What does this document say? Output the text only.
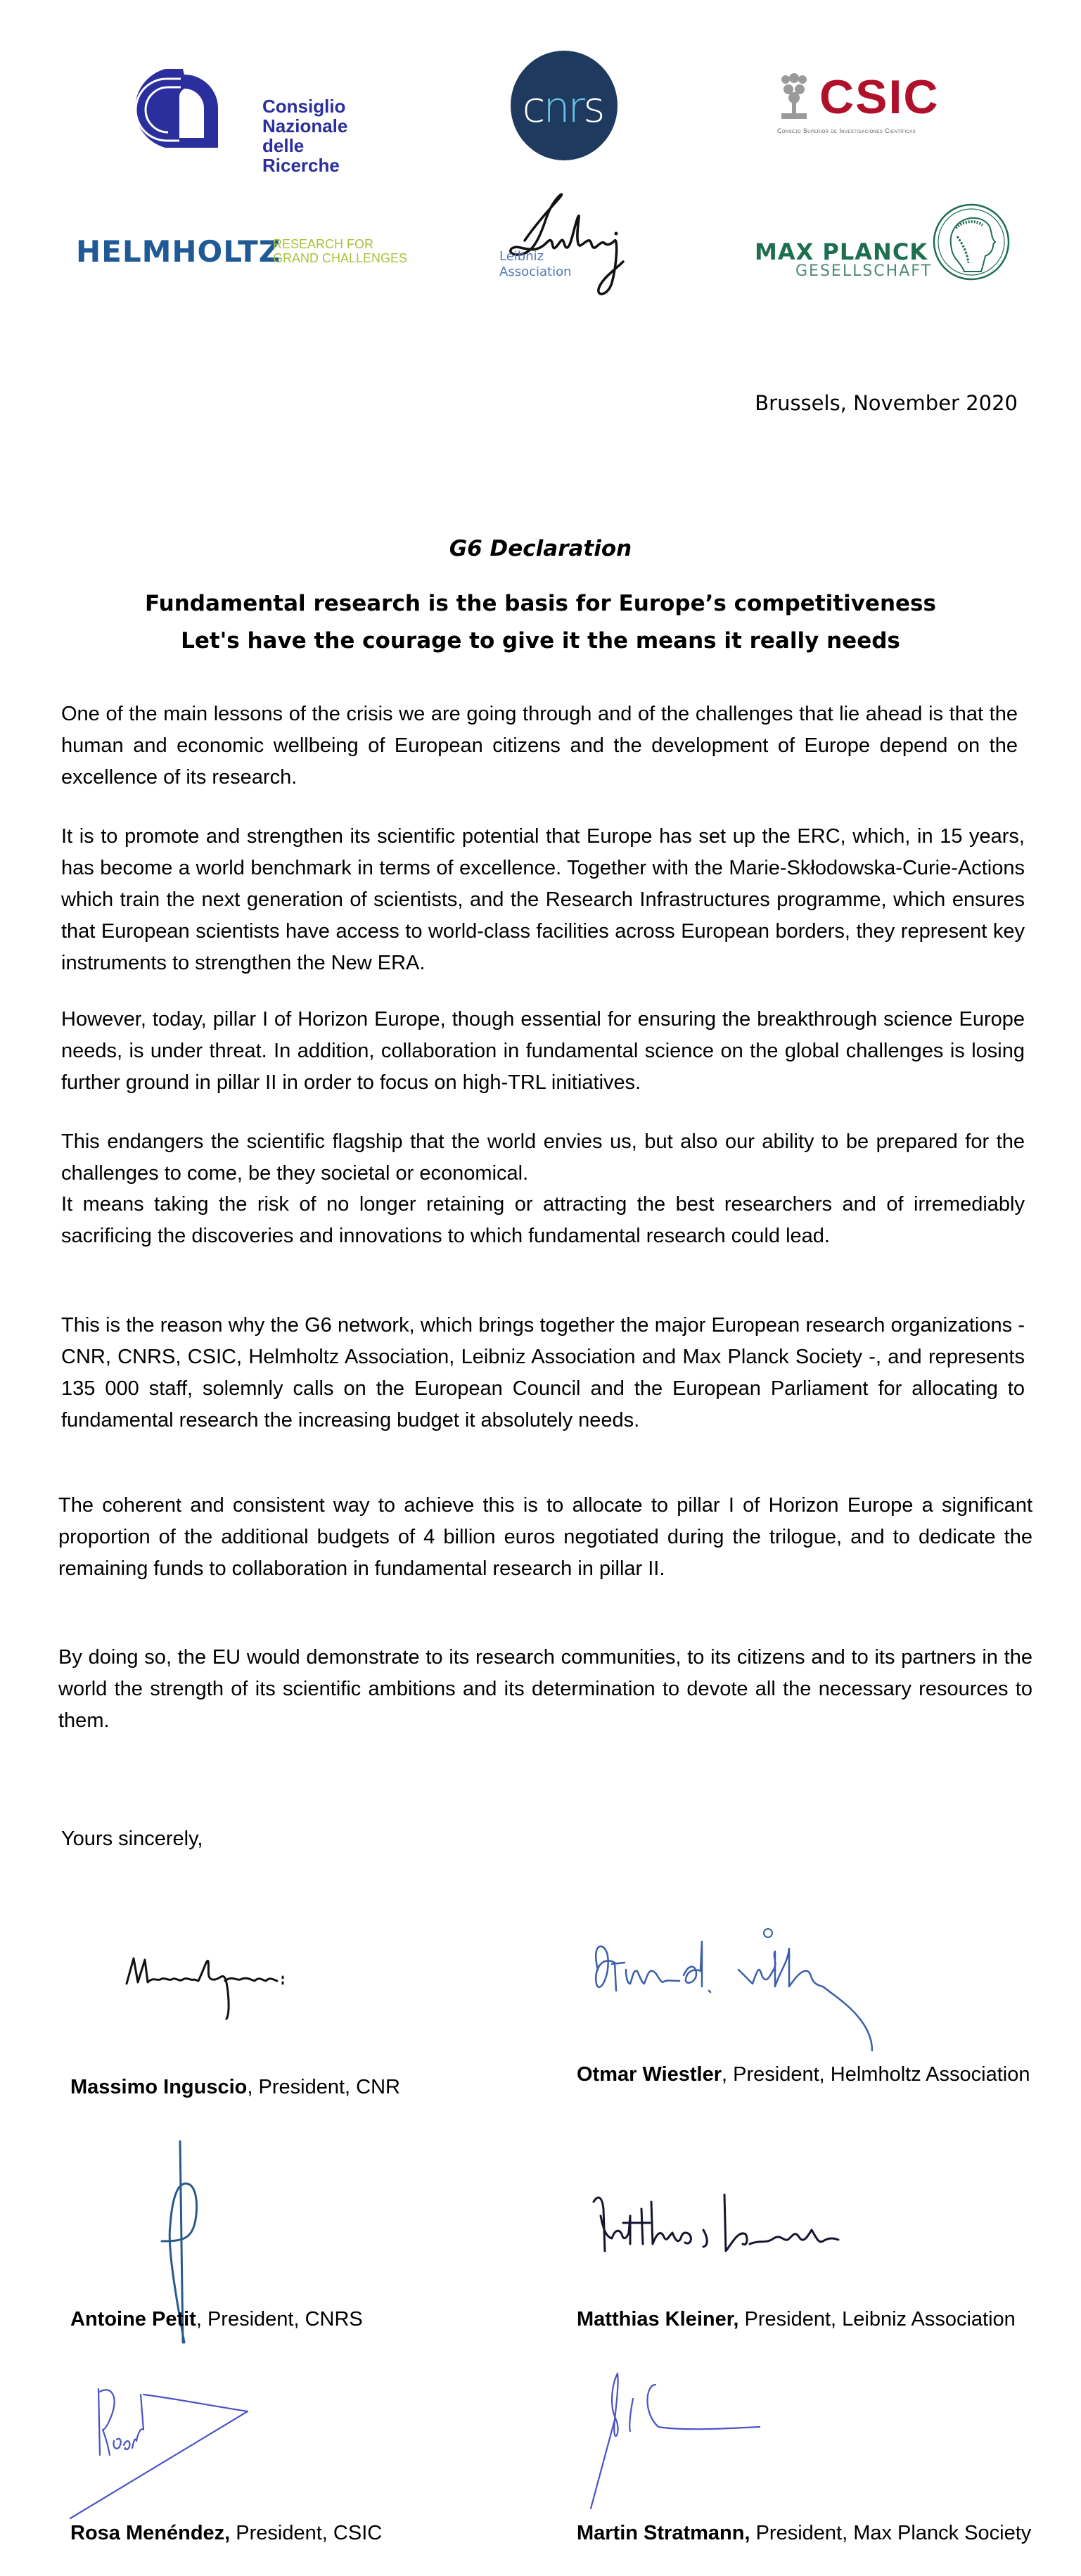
Consiglio
Nazionale delle
Ricerche
cnrs	CSIC
Consejo Superior de Investigaciones Científicas
HELMHOLTZ
RESEARCH FOR
GRAND CHALLENGES	Leibniz
Association
MAX PLANCK
GESELLSCHAFT
Brussels, November 2020
G6 Declaration
Fundamental research is the basis for Europe’s competitiveness
Let's have the courage to give it the means it really needs
One of the main lessons of the crisis we are going through and of the challenges that lie ahead is that the human and economic wellbeing of European citizens and the development of Europe depend on the excellence of its research.
It is to promote and strengthen its scientific potential that Europe has set up the ERC, which, in 15 years, has become a world benchmark in terms of excellence. Together with the Marie-Skłodowska-Curie-Actions which train the next generation of scientists, and the Research Infrastructures programme, which ensures that European scientists have access to world-class facilities across European borders, they represent key instruments to strengthen the New ERA.
However, today, pillar I of Horizon Europe, though essential for ensuring the breakthrough science Europe needs, is under threat. In addition, collaboration in fundamental science on the global challenges is losing further ground in pillar II in order to focus on high-TRL initiatives.
This endangers the scientific flagship that the world envies us, but also our ability to be prepared for the challenges to come, be they societal or economical.
It means taking the risk of no longer retaining or attracting the best researchers and of irremediably sacrificing the discoveries and innovations to which fundamental research could lead.
This is the reason why the G6 network, which brings together the major European research organizations - CNR, CNRS, CSIC, Helmholtz Association, Leibniz Association and Max Planck Society -, and represents 135 000 staff, solemnly calls on the European Council and the European Parliament for allocating to fundamental research the increasing budget it absolutely needs.
The coherent and consistent way to achieve this is to allocate to pillar I of Horizon Europe a significant proportion of the additional budgets of 4 billion euros negotiated during the trilogue, and to dedicate the remaining funds to collaboration in fundamental research in pillar II.
By doing so, the EU would demonstrate to its research communities, to its citizens and to its partners in the world the strength of its scientific ambitions and its determination to devote all the necessary resources to them.
Yours sincerely,
Massimo Inguscio, President, CNR
Otmar Wiestler, President, Helmholtz Association
Antoine Petit, President, CNRS	Matthias Kleiner, President, Leibniz Association
Rosa Menéndez, President, CSIC	Martin Stratmann, President, Max Planck Society
